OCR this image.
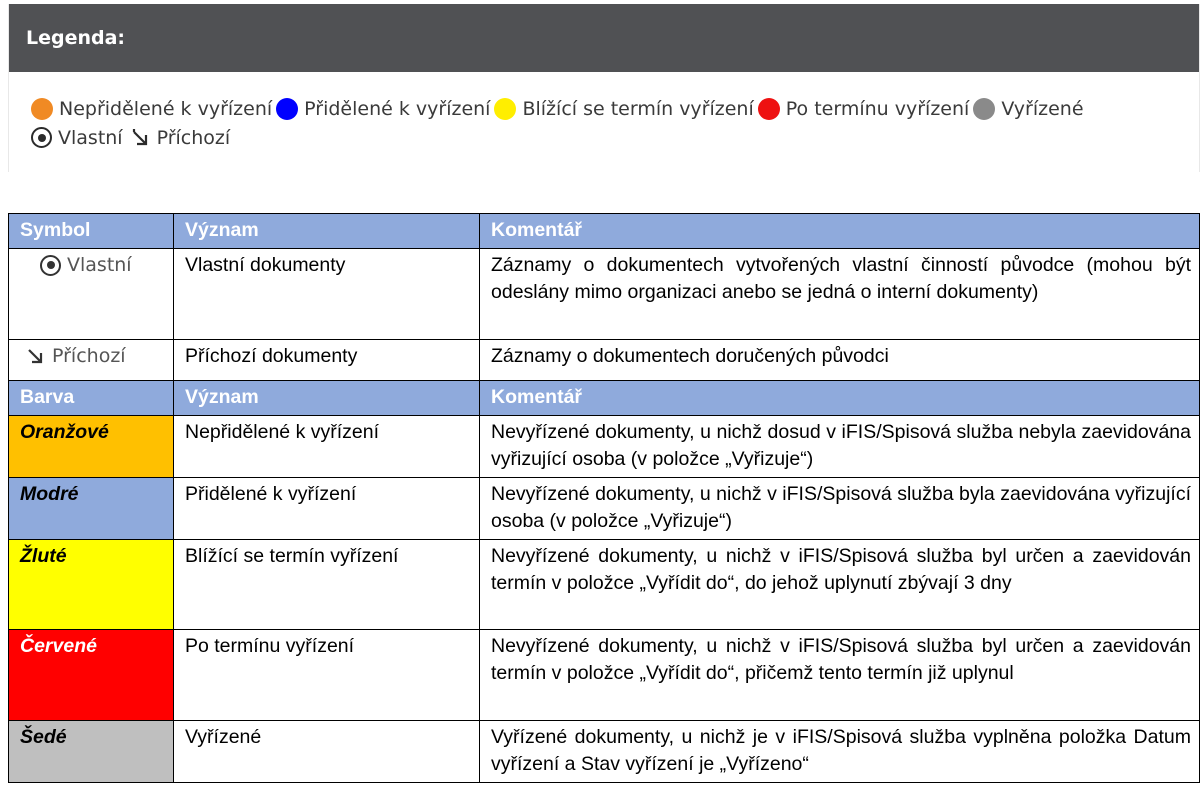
Legenda:
Nepřidělené k vyřízení Přidělené k vyřízení Blížící se termín vyřízení Po termínu vyřízení Vyřízené
Vlastní Příchozí
Symbol	Význam	Komentář

Vlastní	Vlastní dokumenty	Záznamy o dokumentech vytvořených vlastní činností původce (mohou být odeslány mimo organizaci anebo se jedná o interní dokumenty)

Příchozí	Příchozí dokumenty	Záznamy o dokumentech doručených původci
Barva	Význam	Komentář
Oranžové	Nepřidělené k vyřízení	Nevyřízené dokumenty, u nichž dosud v iFIS/Spisová služba nebyla zaevidována vyřizující osoba (v položce „Vyřizuje“)
Modré	Přidělené k vyřízení	Nevyřízené dokumenty, u nichž v iFIS/Spisová služba byla zaevidována vyřizující osoba (v položce „Vyřizuje“)
Žluté	Blížící se termín vyřízení	Nevyřízené dokumenty, u nichž v iFIS/Spisová služba byl určen a zaevidován termín v položce „Vyřídit do“, do jehož uplynutí zbývají 3 dny
Červené	Po termínu vyřízení	Nevyřízené dokumenty, u nichž v iFIS/Spisová služba byl určen a zaevidován termín v položce „Vyřídit do“, přičemž tento termín již uplynul
Šedé	Vyřízené	Vyřízené dokumenty, u nichž je v iFIS/Spisová služba vyplněna položka Datum vyřízení a Stav vyřízení je „Vyřízeno“
